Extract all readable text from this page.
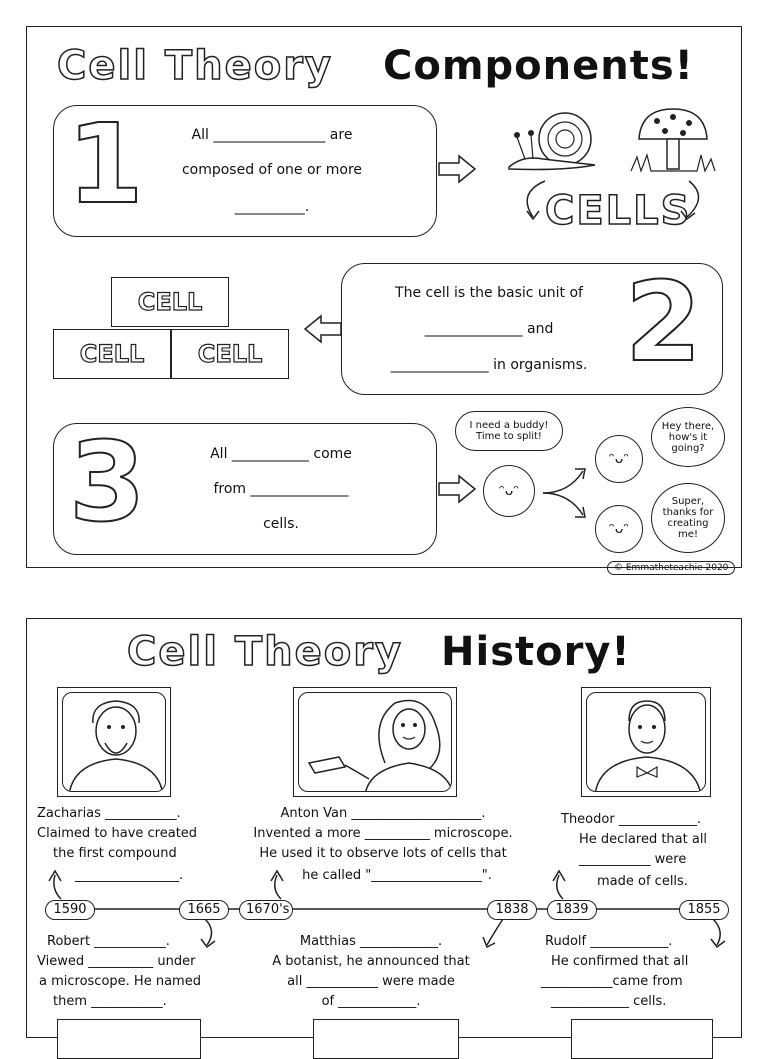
Cell Theory Components!
1	All ________________ are
composed of one or more
__________.	CELLS
CELL
CELL CELL
The cell is the basic unit of
______________ and
______________ in organisms. 2
3	All ___________ come
from ______________
cells.
I need a buddy! Time to split!
ᵔᴗᵔ
ᵔᴗᵔ
ᵔᴗᵔ
Hey there, how's it going?
Super, thanks for creating me!
© Emmatheteachie 2020
Cell Theory History!
Zacharias ___________.
Claimed to have created
the first compound
________________.
Anton Van ____________________.
Invented a more __________ microscope.
He used it to observe lots of cells that
he called "_________________".
Theodor ____________.
He declared that all
___________ were
made of cells.
1590	1665	1670's	1838	1839	1855
Robert ___________.
Viewed __________ under
a microscope. He named
them ___________.
Matthias ____________.
A botanist, he announced that
all ___________ were made
of ____________.
Rudolf ____________.
He confirmed that all
___________came from
____________ cells.
